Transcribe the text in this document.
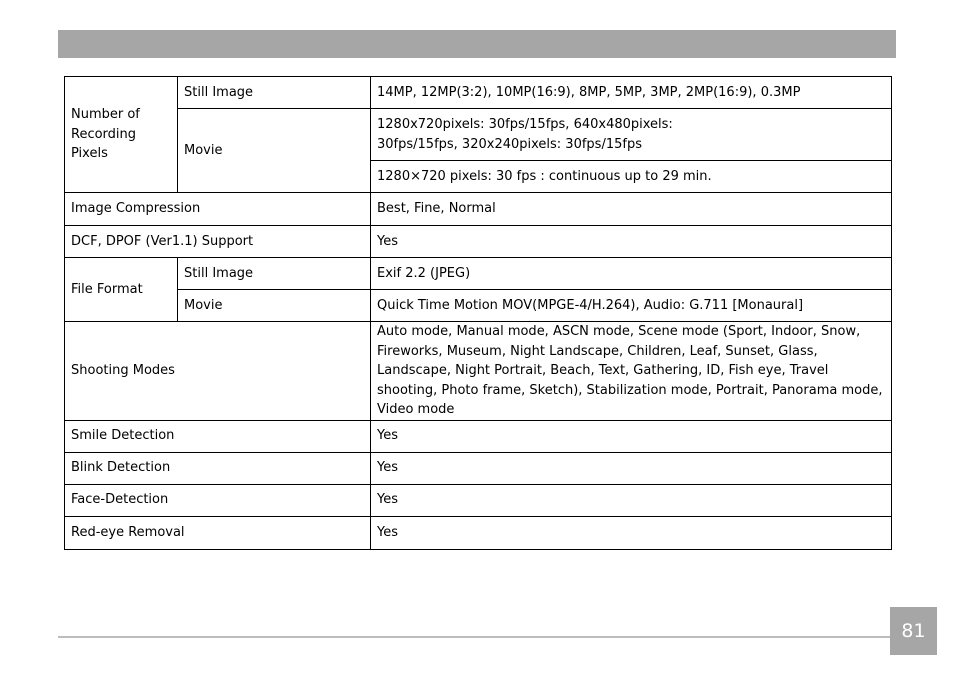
Number of Recording Pixels	Still Image	14MP, 12MP(3:2), 10MP(16:9), 8MP, 5MP, 3MP, 2MP(16:9), 0.3MP
	Movie	1280x720pixels: 30fps/15fps, 640x480pixels: 30fps/15fps, 320x240pixels: 30fps/15fps
		1280×720 pixels: 30 fps : continuous up to 29 min.
Image Compression		Best, Fine, Normal
DCF, DPOF (Ver1.1) Support		Yes
File Format	Still Image	Exif 2.2 (JPEG)
	Movie	Quick Time Motion MOV(MPGE-4/H.264), Audio: G.711 [Monaural]
Shooting Modes		Auto mode, Manual mode, ASCN mode, Scene mode (Sport, Indoor, Snow, Fireworks, Museum, Night Landscape, Children, Leaf, Sunset, Glass, Landscape, Night Portrait, Beach, Text, Gathering, ID, Fish eye, Travel shooting, Photo frame, Sketch), Stabilization mode, Portrait, Panorama mode, Video mode
Smile Detection		Yes
Blink Detection		Yes
Face-Detection		Yes
Red-eye Removal		Yes
81
